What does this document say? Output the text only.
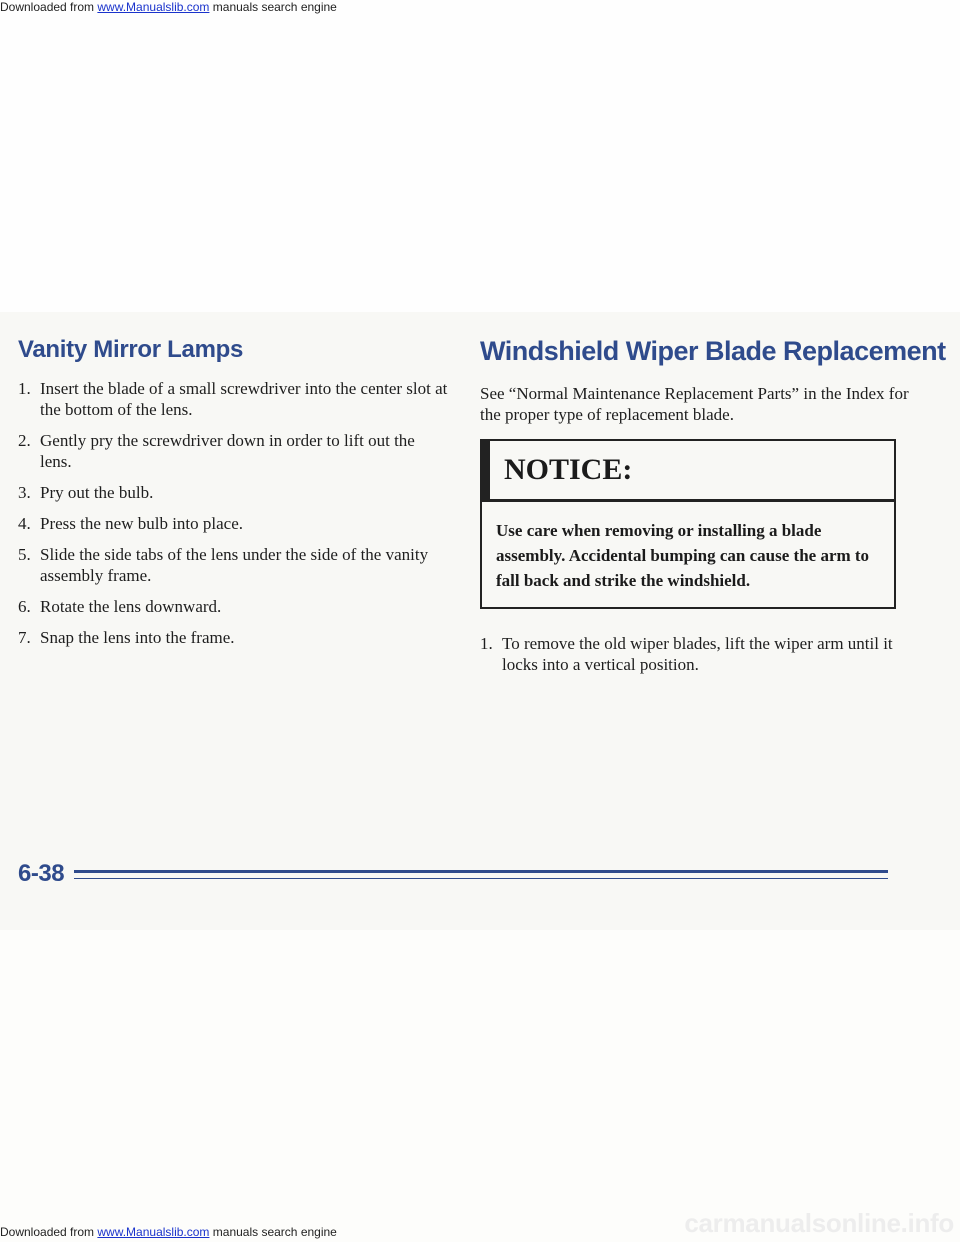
Vanity Mirror Lamps
1. Insert the blade of a small screwdriver into the center slot at the bottom of the lens.
2. Gently pry the screwdriver down in order to lift out the lens.
3. Pry out the bulb.
4. Press the new bulb into place.
5. Slide the side tabs of the lens under the side of the vanity assembly frame.
6. Rotate the lens downward.
7. Snap the lens into the frame.
Windshield Wiper Blade Replacement

See “Normal Maintenance Replacement Parts” in the Index for the proper type of replacement blade.

NOTICE:
Use care when removing or installing a blade assembly. Accidental bumping can cause the arm to fall back and strike the windshield.
1. To remove the old wiper blades, lift the wiper arm until it locks into a vertical position.
6-38
Downloaded from www.Manualslib.com manuals search engine
carmanualsonline.info
Downloaded from www.Manualslib.com manuals search engine
